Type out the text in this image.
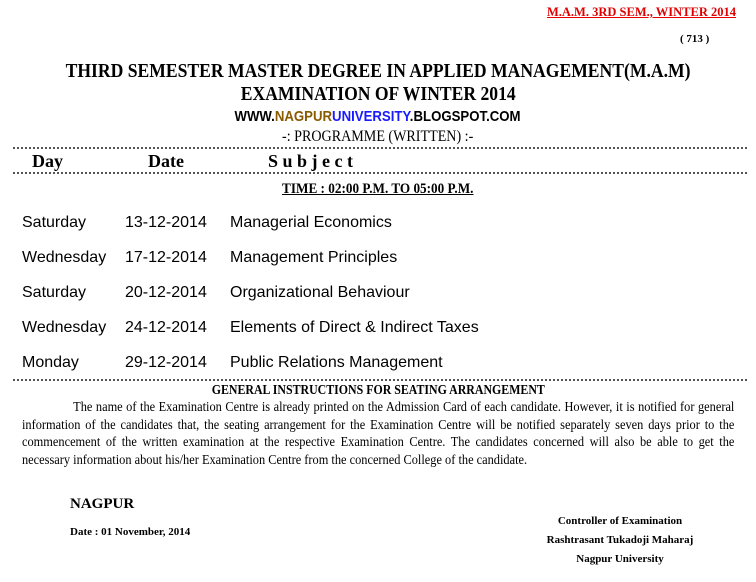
M.A.M. 3RD SEM., WINTER 2014
( 713 )
THIRD SEMESTER MASTER DEGREE IN APPLIED MANAGEMENT(M.A.M)
EXAMINATION OF WINTER 2014
WWW.NAGPURUNIVERSITY.BLOGSPOT.COM
-: PROGRAMME (WRITTEN) :-
Day	Date	S u b j e c t
TIME : 02:00 P.M. TO 05:00 P.M.
Saturday 13-12-2014 Managerial Economics
Wednesday 17-12-2014 Management Principles
Saturday 20-12-2014 Organizational Behaviour
Wednesday 24-12-2014 Elements of Direct & Indirect Taxes
Monday	29-12-2014 Public Relations Management
GENERAL INSTRUCTIONS FOR SEATING ARRANGEMENT
The name of the Examination Centre is already printed on the Admission Card of each candidate. However, it is notified for general information of the candidates that, the seating arrangement for the Examination Centre will be notified separately seven days prior to the commencement of the written examination at the respective Examination Centre. The candidates concerned will also be able to get the necessary information about his/her Examination Centre from the concerned College of the candidate.
NAGPUR
Date : 01 November, 2014
Controller of Examination
Rashtrasant Tukadoji Maharaj
Nagpur University
